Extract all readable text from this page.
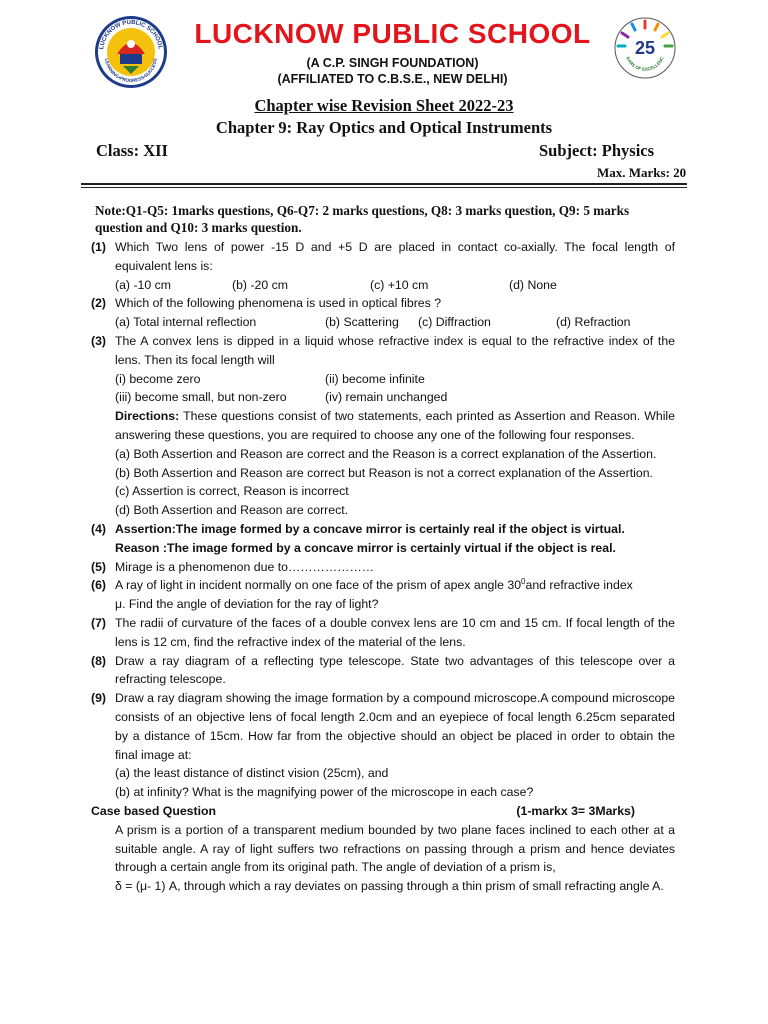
LUCKNOW PUBLIC SCHOOL
LEARNING•PROGRESS•SUCCESS
LUCKNOW PUBLIC SCHOOL
(A C.P. SINGH FOUNDATION)
(AFFILIATED TO C.B.S.E., NEW DELHI)
25
EARS OF EXCELLENC
Chapter wise Revision Sheet 2022-23
Chapter 9: Ray Optics and Optical Instruments
Class: XII	Subject: Physics
Max. Marks: 20
Note:Q1-Q5: 1marks questions, Q6-Q7: 2 marks questions, Q8: 3 marks question, Q9: 5 marks question and Q10: 3 marks question.
(1) Which Two lens of power -15 D and +5 D are placed in contact co-axially. The focal length of equivalent lens is:
(a) -10 cm	(b) -20 cm	(c) +10 cm	(d) None
(2) Which of the following phenomena is used in optical fibres ?
(a) Total internal reflection	(b) Scattering	(c) Diffraction	(d) Refraction
(3) The A convex lens is dipped in a liquid whose refractive index is equal to the refractive index of the lens. Then its focal length will
(i) become zero	(ii) become infinite
(iii) become small, but non-zero	(iv) remain unchanged
Directions: These questions consist of two statements, each printed as Assertion and Reason. While answering these questions, you are required to choose any one of the following four responses.
(a) Both Assertion and Reason are correct and the Reason is a correct explanation of the Assertion.
(b) Both Assertion and Reason are correct but Reason is not a correct explanation of the Assertion.
(c) Assertion is correct, Reason is incorrect
(d) Both Assertion and Reason are correct.
(4) Assertion:The image formed by a concave mirror is certainly real if the object is virtual.
Reason :The image formed by a concave mirror is certainly virtual if the object is real.
(5) Mirage is a phenomenon due to…………………
(6) A ray of light in incident normally on one face of the prism of apex angle $30^0and$ refractive index
μ. Find the angle of deviation for the ray of light?
(7) The radii of curvature of the faces of a double convex lens are 10 cm and 15 cm. If focal length of the lens is 12 cm, find the refractive index of the material of the lens.
(8) Draw a ray diagram of a reflecting type telescope. State two advantages of this telescope over a refracting telescope.
(9) Draw a ray diagram showing the image formation by a compound microscope.A compound microscope consists of an objective lens of focal length 2.0cm and an eyepiece of focal length 6.25cm separated by a distance of 15cm. How far from the objective should an object be placed in order to obtain the final image at:
(a) the least distance of distinct vision (25cm), and
(b) at infinity? What is the magnifying power of the microscope in each case?
Case based Question	(1-markx 3= 3Marks)
A prism is a portion of a transparent medium bounded by two plane faces inclined to each other at a suitable angle. A ray of light suffers two refractions on passing through a prism and hence deviates through a certain angle from its original path. The angle of deviation of a prism is,
δ = (μ- 1) A, through which a ray deviates on passing through a thin prism of small refracting angle A.
